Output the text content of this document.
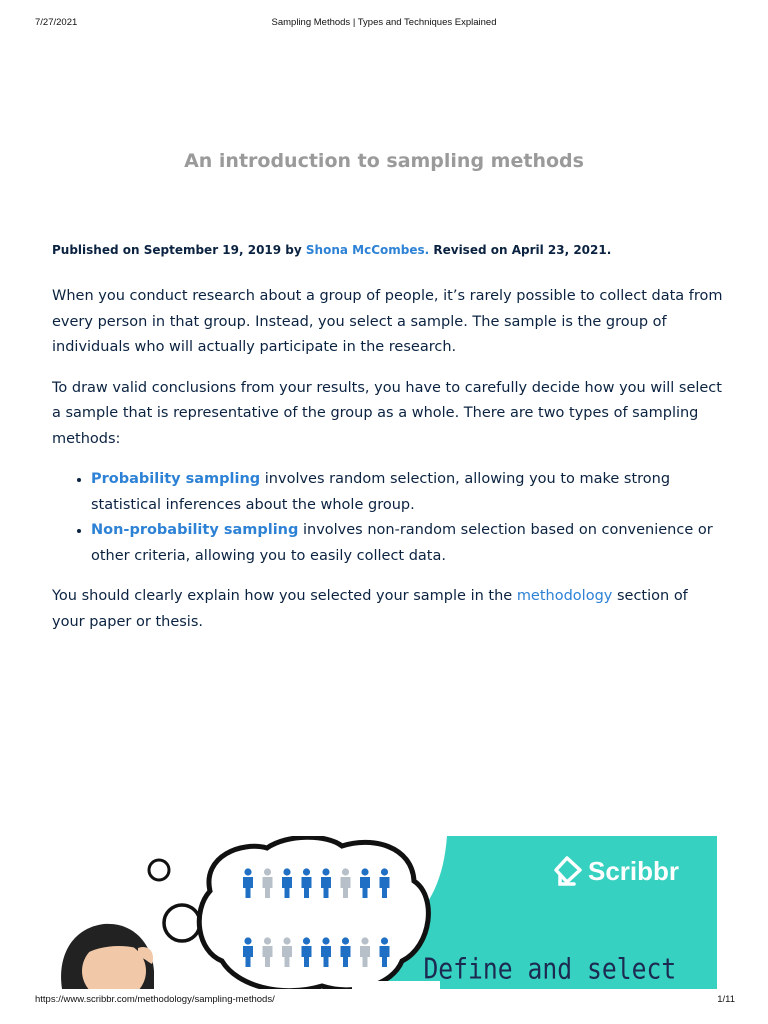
7/27/2021	Sampling Methods | Types and Techniques Explained
An introduction to sampling methods

Published on September 19, 2019 by Shona McCombes. Revised on April 23, 2021.

When you conduct research about a group of people, it’s rarely possible to collect data from every person in that group. Instead, you select a sample. The sample is the group of individuals who will actually participate in the research.

To draw valid conclusions from your results, you have to carefully decide how you will select a sample that is representative of the group as a whole. There are two types of sampling methods:

• Probability sampling involves random selection, allowing you to make strong statistical inferences about the whole group.
• Non-probability sampling involves non-random selection based on convenience or other criteria, allowing you to easily collect data.

You should clearly explain how you selected your sample in the methodology section of your paper or thesis.

Scribbr
Define and select
https://www.scribbr.com/methodology/sampling-methods/	1/11
